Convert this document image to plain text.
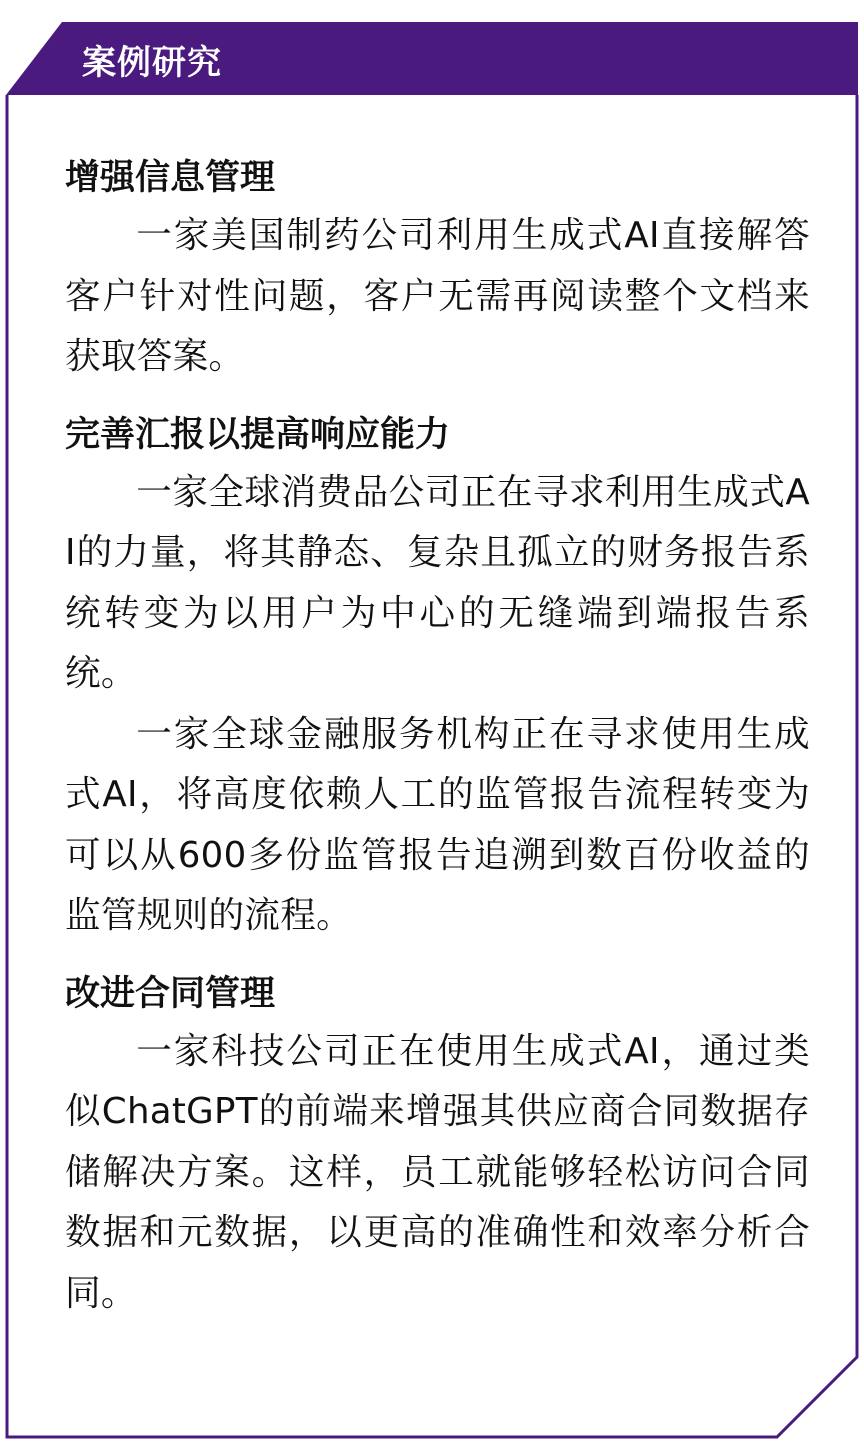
案例研究
增强信息管理

一家美国制药公司利用生成式AI直接解答客户针对性问题，客户无需再阅读整个文档来获取答案。

完善汇报以提高响应能力

一家全球消费品公司正在寻求利用生成式AI的力量，将其静态、复杂且孤立的财务报告系统转变为以用户为中心的无缝端到端报告系统。

一家全球金融服务机构正在寻求使用生成式AI，将高度依赖人工的监管报告流程转变为可以从600多份监管报告追溯到数百份收益的监管规则的流程。

改进合同管理

一家科技公司正在使用生成式AI，通过类似ChatGPT的前端来增强其供应商合同数据存储解决方案。这样，员工就能够轻松访问合同数据和元数据，以更高的准确性和效率分析合同。
